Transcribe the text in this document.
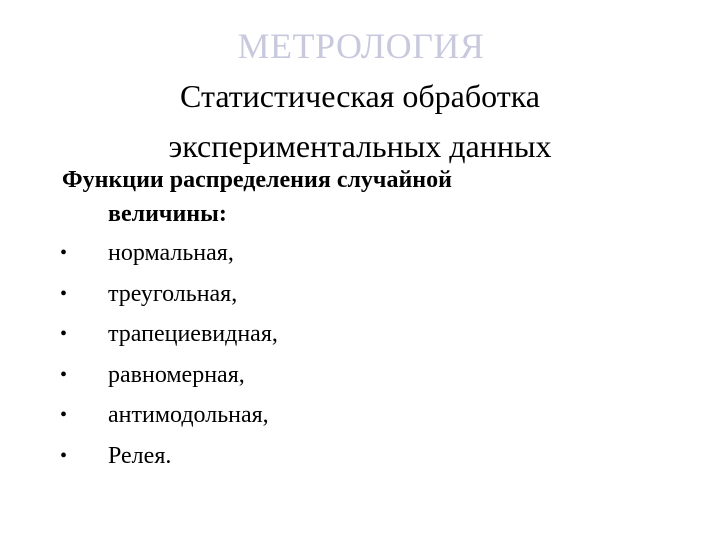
МЕТРОЛОГИЯ
Статистическая обработка
экспериментальных данных
Функции распределения случайной
величины:
• нормальная,
• треугольная,
• трапециевидная,
• равномерная,
• антимодольная,
• Релея.
